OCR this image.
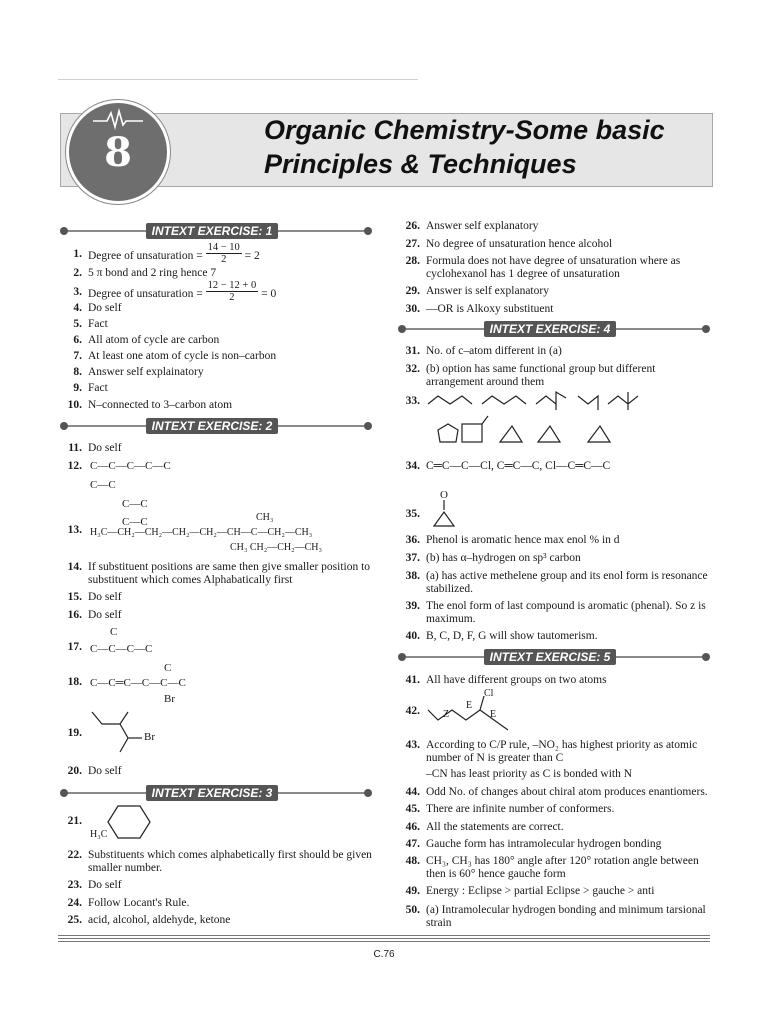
8	Organic Chemistry-Some basic
Principles & Techniques
INTEXT EXERCISE: 1
INTEXT EXERCISE: 2
INTEXT EXERCISE: 3
INTEXT EXERCISE: 4
INTEXT EXERCISE: 5
1. Degree of unsaturation = $\frac{14 - 10}{2} = 2$
2. 5 π bond and 2 ring hence 7
3. Degree of unsaturation = $\frac{12 - 12 + 0}{2} = 0$
4. Do self
5. Fact
6. All atom of cycle are carbon
7. At least one atom of cycle is non–carbon
8. Answer self explainatory
9. Fact
10. N–connected to 3–carbon atom
11. Do self
12. C—C—C—C—C
C—C
C—C
C—C
13.
CH₃
H₃C—CH₂—CH₂—CH₂—CH₂—CH—C—CH₂—CH₃
CH₃ CH₂—CH₂—CH₃
14. If substituent positions are same then give smaller position to substituent which comes Alphabatically first
15. Do self
16. Do self
17.
C
C—C—C—C
18.
C
C—C═C—C—C—C
Br
19.	Br
20. Do self
21.
H₃C
22. Substituents which comes alphabetically first should be given smaller number.
23. Do self
24. Follow Locant's Rule.
25. acid, alcohol, aldehyde, ketone
26. Answer self explanatory
27. No degree of unsaturation hence alcohol
28. Formula does not have degree of unsaturation where as cyclohexanol has 1 degree of unsaturation
29. Answer is self explanatory
30. —OR is Alkoxy substituent
31. No. of c–atom different in (a)
32. (b) option has same functional group but different arrangement around them
33.
34. C═C—C—Cl, C═C—C, Cl—C═C—C
35.
O
36. Phenol is aromatic hence max enol % in d
37. (b) has α–hydrogen on sp³ carbon
38. (a) has active methelene group and its enol form is resonance stabilized.
39. The enol form of last compound is aromatic (phenal). So z is maximum.
40. B, C, D, F, G will show tautomerism.
41. All have different groups on two atoms
42.
Cl
Z
E
E
43. According to C/P rule, –NO₂ has highest priority as atomic number of N is greater than C
–CN has least priority as C is bonded with N
44. Odd No. of changes about chiral atom produces enantiomers.
45. There are infinite number of conformers.
46. All the statements are correct.
47. Gauche form has intramolecular hydrogen bonding
48. CH₃, CH₃ has 180° angle after 120° rotation angle between then is 60° hence gauche form
49. Energy : Eclipse > partial Eclipse > gauche > anti
50. (a) Intramolecular hydrogen bonding and minimum tarsional strain
C.76
